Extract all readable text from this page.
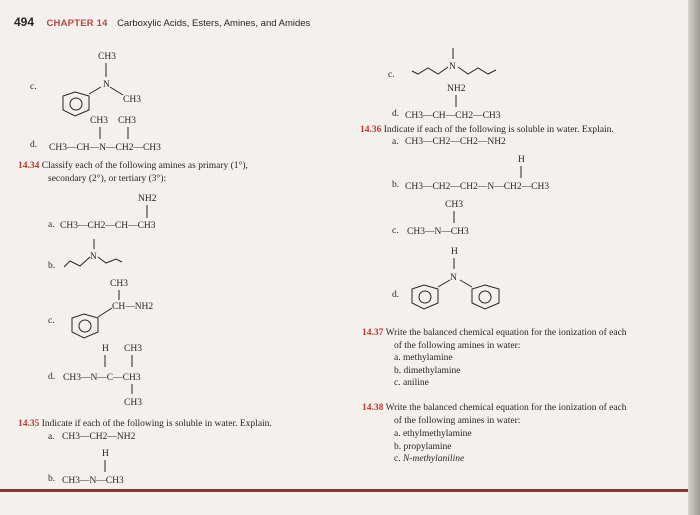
494 CHAPTER 14 Carboxylic Acids, Esters, Amines, and Amides
c.
CH3
N
CH3
d.
CH3 CH3
CH3—CH—N—CH2—CH3
14.34 Classify each of the following amines as primary (1°),
secondary (2°), or tertiary (3°):
a.
NH2
CH3—CH2—CH—CH3
b.
N
c.
CH3
CH—NH2
d.
H CH3
CH3—N—C—CH3
CH3
14.35 Indicate if each of the following is soluble in water. Explain.
a. CH3—CH2—NH2
b.
H
CH3—N—CH3
c.
N
d.
NH2
CH3—CH—CH2—CH3
14.36 Indicate if each of the following is soluble in water. Explain.
a. CH3—CH2—CH2—NH2
b.
H
CH3—CH2—CH2—N—CH2—CH3
c.
CH3
CH3—N—CH3
d.
H
N
14.37 Write the balanced chemical equation for the ionization of each
of the following amines in water:
a. methylamine
b. dimethylamine
c. aniline
14.38 Write the balanced chemical equation for the ionization of each
of the following amines in water:
a. ethylmethylamine
b. propylamine
c. N-methylaniline
